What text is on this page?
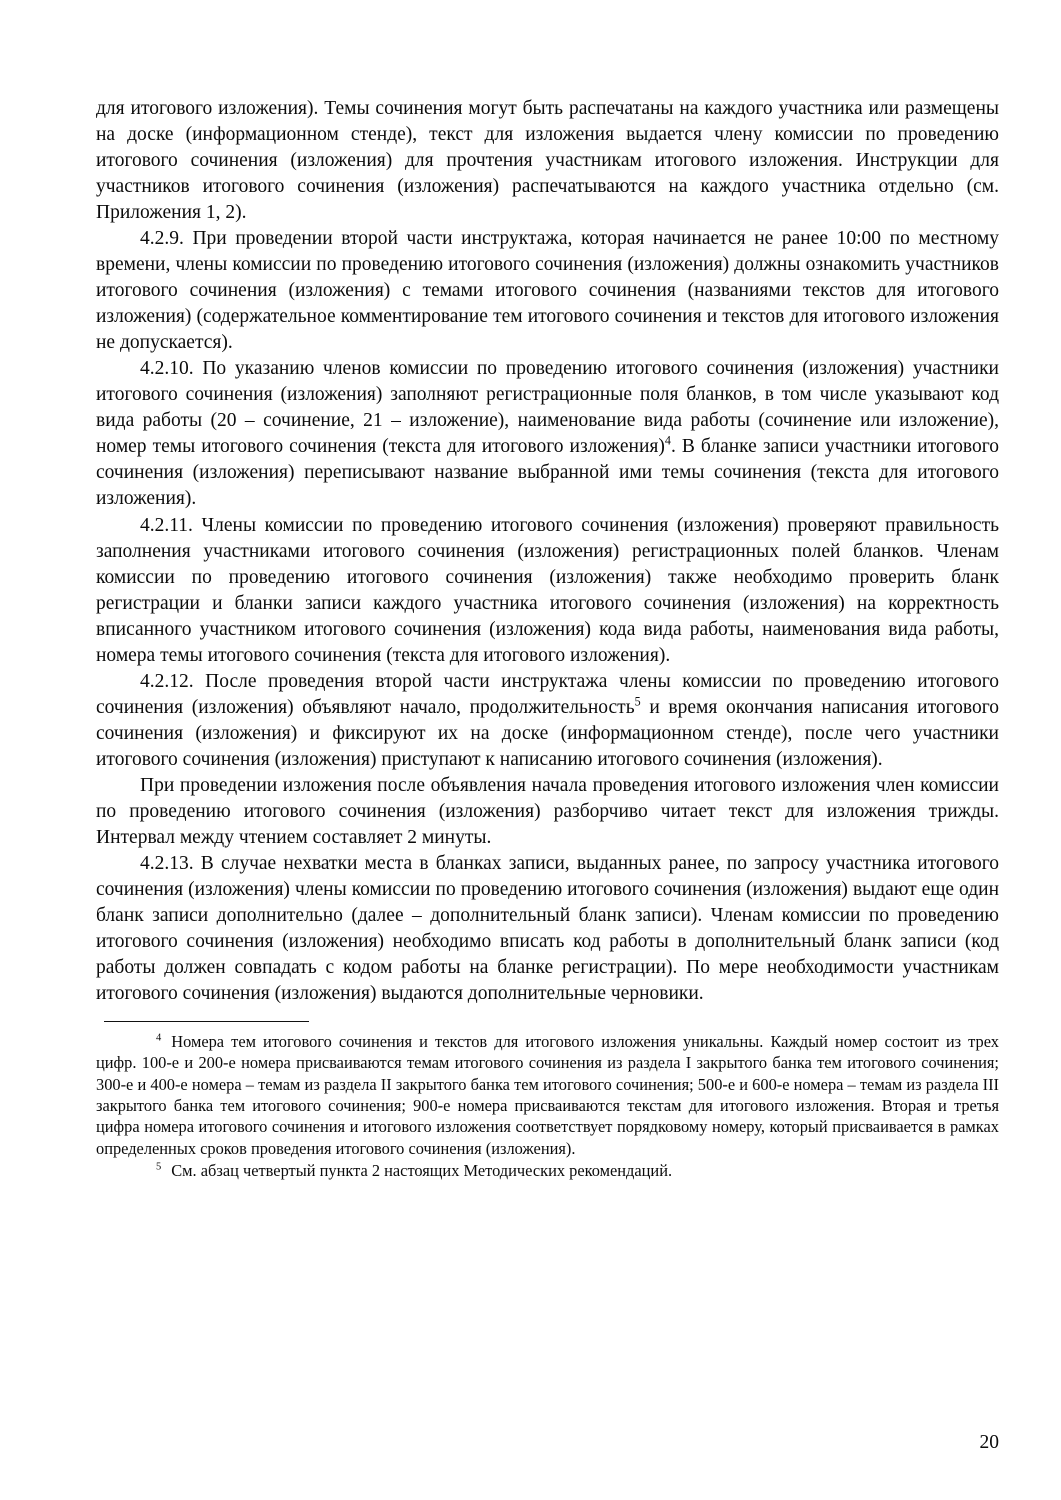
для итогового изложения). Темы сочинения могут быть распечатаны на каждого участника или размещены на доске (информационном стенде), текст для изложения выдается члену комиссии по проведению итогового сочинения (изложения) для прочтения участникам итогового изложения. Инструкции для участников итогового сочинения (изложения) распечатываются на каждого участника отдельно (см. Приложения 1, 2).

4.2.9. При проведении второй части инструктажа, которая начинается не ранее 10:00 по местному времени, члены комиссии по проведению итогового сочинения (изложения) должны ознакомить участников итогового сочинения (изложения) с темами итогового сочинения (названиями текстов для итогового изложения) (содержательное комментирование тем итогового сочинения и текстов для итогового изложения не допускается).

4.2.10. По указанию членов комиссии по проведению итогового сочинения (изложения) участники итогового сочинения (изложения) заполняют регистрационные поля бланков, в том числе указывают код вида работы (20 – сочинение, 21 – изложение), наименование вида работы (сочинение или изложение), номер темы итогового сочинения (текста для итогового изложения)$^4$. В бланке записи участники итогового сочинения (изложения) переписывают название выбранной ими темы сочинения (текста для итогового изложения).

4.2.11. Члены комиссии по проведению итогового сочинения (изложения) проверяют правильность заполнения участниками итогового сочинения (изложения) регистрационных полей бланков. Членам комиссии по проведению итогового сочинения (изложения) также необходимо проверить бланк регистрации и бланки записи каждого участника итогового сочинения (изложения) на корректность вписанного участником итогового сочинения (изложения) кода вида работы, наименования вида работы, номера темы итогового сочинения (текста для итогового изложения).

4.2.12. После проведения второй части инструктажа члены комиссии по проведению итогового сочинения (изложения) объявляют начало, продолжительность$^5$ и время окончания написания итогового сочинения (изложения) и фиксируют их на доске (информационном стенде), после чего участники итогового сочинения (изложения) приступают к написанию итогового сочинения (изложения).

При проведении изложения после объявления начала проведения итогового изложения член комиссии по проведению итогового сочинения (изложения) разборчиво читает текст для изложения трижды. Интервал между чтением составляет 2 минуты.

4.2.13. В случае нехватки места в бланках записи, выданных ранее, по запросу участника итогового сочинения (изложения) члены комиссии по проведению итогового сочинения (изложения) выдают еще один бланк записи дополнительно (далее – дополнительный бланк записи). Членам комиссии по проведению итогового сочинения (изложения) необходимо вписать код работы в дополнительный бланк записи (код работы должен совпадать с кодом работы на бланке регистрации). По мере необходимости участникам итогового сочинения (изложения) выдаются дополнительные черновики.

$^4$ Номера тем итогового сочинения и текстов для итогового изложения уникальны. Каждый номер состоит из трех цифр. 100-е и 200-е номера присваиваются темам итогового сочинения из раздела I закрытого банка тем итогового сочинения; 300-е и 400-е номера – темам из раздела II закрытого банка тем итогового сочинения; 500-е и 600-е номера – темам из раздела III закрытого банка тем итогового сочинения; 900-е номера присваиваются текстам для итогового изложения. Вторая и третья цифра номера итогового сочинения и итогового изложения соответствует порядковому номеру, который присваивается в рамках определенных сроков проведения итогового сочинения (изложения).

$^5$ См. абзац четвертый пункта 2 настоящих Методических рекомендаций.

20
